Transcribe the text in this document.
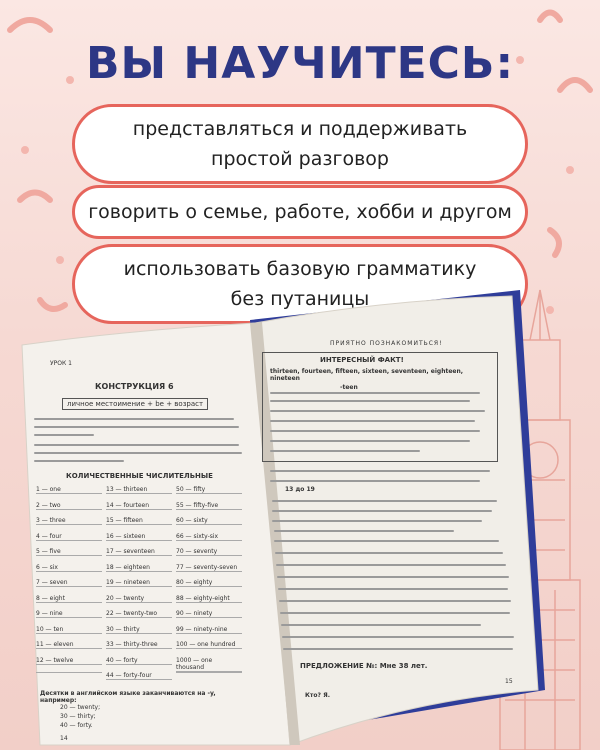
ВЫ НАУЧИТЕСЬ:
представляться и поддерживать
простой разговор
говорить о семье, работе, хобби и другом
использовать базовую грамматику
без путаницы
УРОК 1
КОНСТРУКЦИЯ 6
личное местоимение + be + возраст
КОЛИЧЕСТВЕННЫЕ ЧИСЛИТЕЛЬНЫЕ
1 — one	13 — thirteen	50 — fifty
2 — two	14 — fourteen	55 — fifty-five
3 — three	15 — fifteen	60 — sixty
4 — four	16 — sixteen	66 — sixty-six
5 — five	17 — seventeen	70 — seventy
6 — six	18 — eighteen	77 — seventy-seven
7 — seven	19 — nineteen	80 — eighty
8 — eight	20 — twenty	88 — eighty-eight
9 — nine	22 — twenty-two	90 — ninety
10 — ten	30 — thirty	99 — ninety-nine
11 — eleven	33 — thirty-three	100 — one hundred
12 — twelve	40 — forty	1000 — one thousand
44 — forty-four
Десятки в английском языке заканчиваются на -y, например:
20 — twenty;
30 — thirty;
40 — forty.
14
ПРИЯТНО ПОЗНАКОМИТЬСЯ!
ИНТЕРЕСНЫЙ ФАКТ!
thirteen, fourteen, fifteen, sixteen, seventeen, eighteen, nineteen
13 до 19
-teen
ПРЕДЛОЖЕНИЕ №: Мне 38 лет.
Кто? Я.
15
